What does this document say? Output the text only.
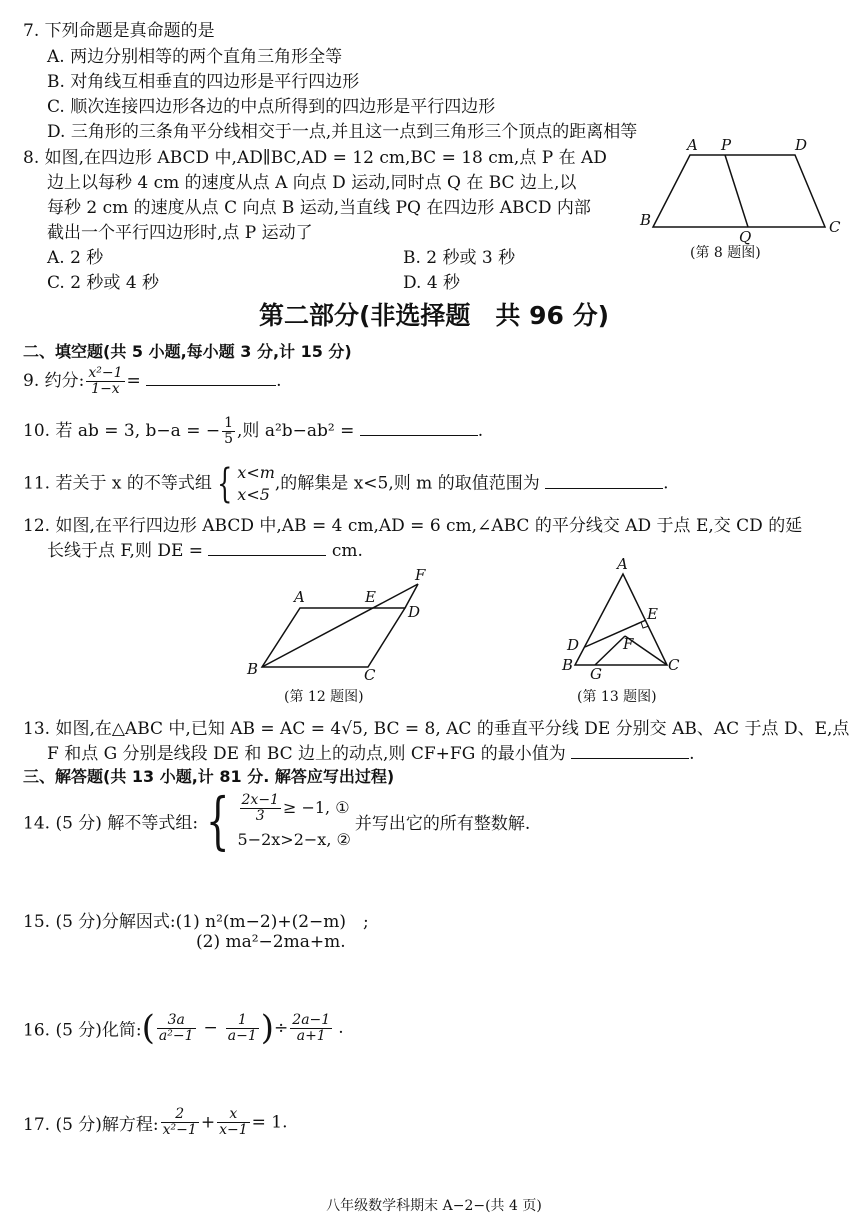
7. 下列命题是真命题的是
A. 两边分别相等的两个直角三角形全等
B. 对角线互相垂直的四边形是平行四边形
C. 顺次连接四边形各边的中点所得到的四边形是平行四边形
D. 三角形的三条角平分线相交于一点,并且这一点到三角形三个顶点的距离相等
8. 如图,在四边形 ABCD 中,AD∥BC,AD = 12 cm,BC = 18 cm,点 P 在 AD
边上以每秒 4 cm 的速度从点 A 向点 D 运动,同时点 Q 在 BC 边上,以
每秒 2 cm 的速度从点 C 向点 B 运动,当直线 PQ 在四边形 ABCD 内部
截出一个平行四边形时,点 P 运动了
A. 2 秒	B. 2 秒或 3 秒
C. 2 秒或 4 秒	D. 4 秒
A P	D
B
Q
C
(第 8 题图)
第二部分(非选择题　共 96 分)
二、填空题(共 5 小题,每小题 3 分,计 15 分)
9. 约分: $\frac{\text{x²−1}}{1-x}$ =	.
10. 若 ab = 3, b−a = − $\frac{1}{5}$ ,则 a²b−ab² =	.
11. 若关于 x 的不等式组 { x<m
x<5
,的解集是 x<5,则 m 的取值范围为	.
12. 如图,在平行四边形 ABCD 中,AB = 4 cm,AD = 6 cm,∠ABC 的平分线交 AD 于点 E,交 CD 的延
长线于点 F,则 DE =	cm.
A	E
F
D
B	C
(第 12 题图)
A
E
D	F
B G	C
(第 13 题图)
13. 如图,在△ABC 中,已知 AB = AC = 4√5, BC = 8, AC 的垂直平分线 DE 分别交 AB、AC 于点 D、E,点
F 和点 G 分别是线段 DE 和 BC 边上的动点,则 CF+FG 的最小值为	.
三、解答题(共 13 小题,计 81 分. 解答应写出过程)
14. (5 分) 解不等式组: { $\frac{2x-1}{3} \ge -1$, ①
5−2x>2−x, ②
并写出它的所有整数解.
15. (5 分)分解因式:(1) n²(m−2)+(2−m)　;
(2) ma²−2ma+m.
16. (5 分)化简:( $\frac{3a}{\text{a²−1}} - \frac{1}{a-1}$ )÷ $\frac{2a-1}{a+1}$ .
17. (5 分)解方程: $\frac{2}{\text{x²−1}} + \frac{x}{x-1} = 1$.
八年级数学科期末 A−2−(共 4 页)
